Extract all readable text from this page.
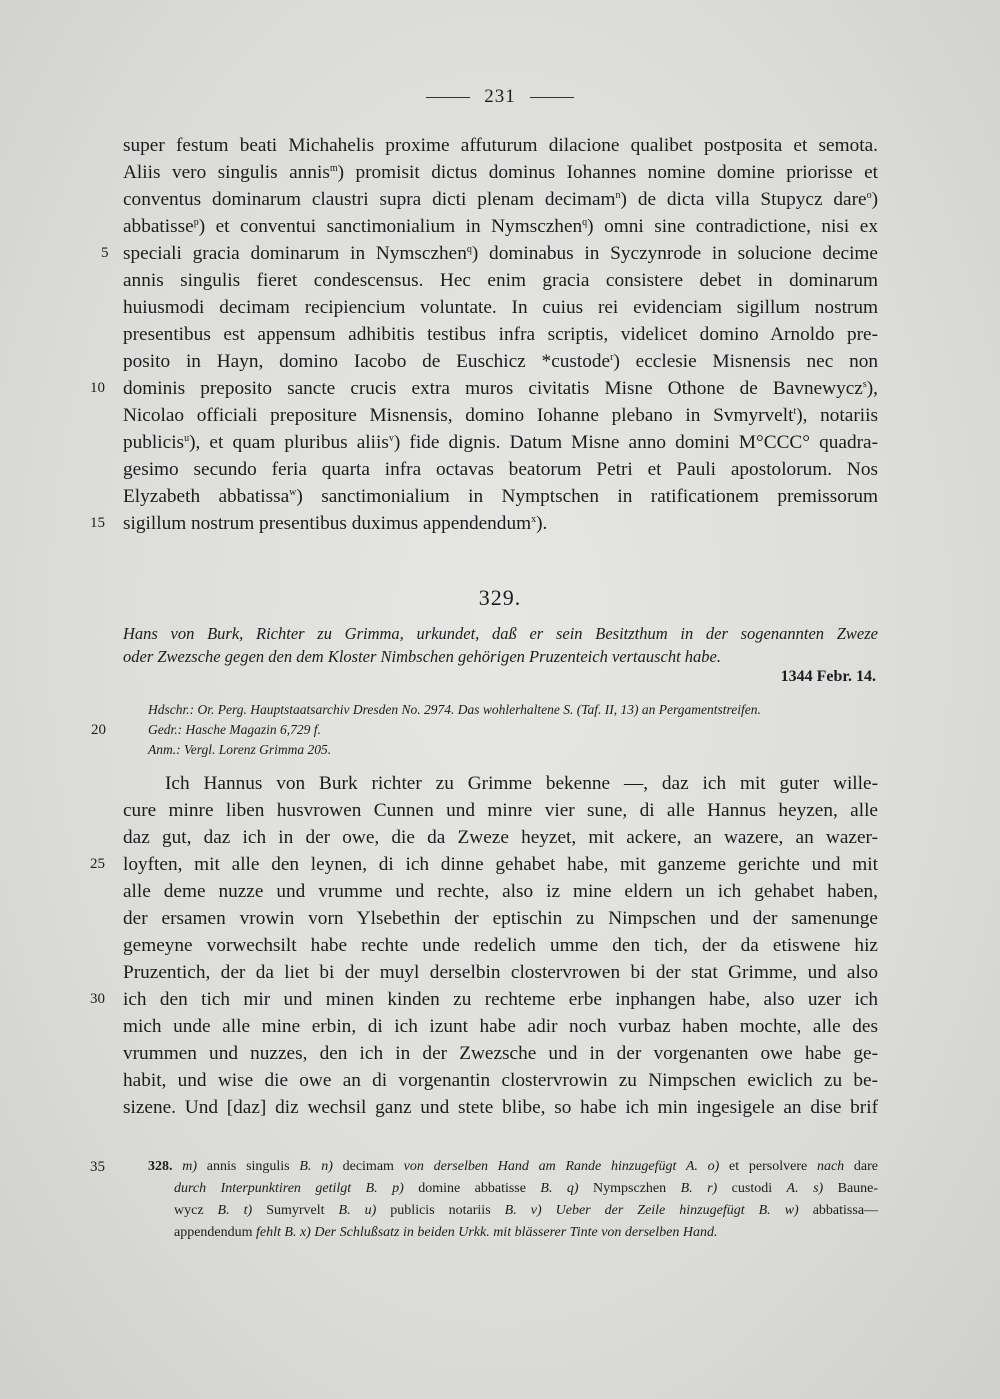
231
super festum beati Michahelis proxime affuturum dilacione qualibet postposita et semota.
Aliis vero singulis annis$^m$) promisit dictus dominus Iohannes nomine domine priorisse et
conventus dominarum claustri supra dicti plenam decimam$^n$) de dicta villa Stupycz dare$^o$)
abbatisse$^p$) et conventui sanctimonialium in Nymsczhen$^q$) omni sine contradictione, nisi ex
5 speciali gracia dominarum in Nymsczhen$^q$) dominabus in Syczynrode in solucione decime
annis singulis fieret condescensus. Hec enim gracia consistere debet in dominarum
huiusmodi decimam recipiencium voluntate. In cuius rei evidenciam sigillum nostrum
presentibus est appensum adhibitis testibus infra scriptis, videlicet domino Arnoldo pre-
posito in Hayn, domino Iacobo de Euschicz *custode$^r$) ecclesie Misnensis nec non
10 dominis preposito sancte crucis extra muros civitatis Misne Othone de Bavnewycz$^s$),
Nicolao officiali prepositure Misnensis, domino Iohanne plebano in Svmyrvelt$^t$), notariis
publicis$^u$), et quam pluribus aliis$^v$) fide dignis. Datum Misne anno domini M°CCC° quadra-
gesimo secundo feria quarta infra octavas beatorum Petri et Pauli apostolorum. Nos
Elyzabeth abbatissa$^w$) sanctimonialium in Nymptschen in ratificationem premissorum
15 sigillum nostrum presentibus duximus appendendum$^x$).
329.
Hans von Burk, Richter zu Grimma, urkundet, daß er sein Besitzthum in der sogenannten Zweze
oder Zwezsche gegen den dem Kloster Nimbschen gehörigen Pruzenteich vertauscht habe.
1344 Febr. 14.
Hdschr.: Or. Perg. Hauptstaatsarchiv Dresden No. 2974. Das wohlerhaltene S. (Taf. II, 13) an Pergamentstreifen.
20	Gedr.: Hasche Magazin 6,729 f.
Anm.: Vergl. Lorenz Grimma 205.
Ich Hannus von Burk richter zu Grimme bekenne —, daz ich mit guter wille-
cure minre liben husvrowen Cunnen und minre vier sune, di alle Hannus heyzen, alle
daz gut, daz ich in der owe, die da Zweze heyzet, mit ackere, an wazere, an wazer-
25 loyften, mit alle den leynen, di ich dinne gehabet habe, mit ganzeme gerichte und mit
alle deme nuzze und vrumme und rechte, also iz mine eldern un ich gehabet haben,
der ersamen vrowin vorn Ylsebethin der eptischin zu Nimpschen und der samenunge
gemeyne vorwechsilt habe rechte unde redelich umme den tich, der da etiswene hiz
Pruzentich, der da liet bi der muyl derselbin clostervrowen bi der stat Grimme, und also
30 ich den tich mir und minen kinden zu rechteme erbe inphangen habe, also uzer ich
mich unde alle mine erbin, di ich izunt habe adir noch vurbaz haben mochte, alle des
vrummen und nuzzes, den ich in der Zwezsche und in der vorgenanten owe habe ge-
habit, und wise die owe an di vorgenantin clostervrowin zu Nimpschen ewiclich zu be-
sizene. Und [daz] diz wechsil ganz und stete blibe, so habe ich min ingesigele an dise brif
35	328. m) annis singulis B. n) decimam von derselben Hand am Rande hinzugefügt A. o) et persolvere nach dare
durch Interpunktiren getilgt B. p) domine abbatisse B. q) Nympsczhen B. r) custodi A. s) Baune-
wycz B. t) Sumyrvelt B. u) publicis notariis B. v) Ueber der Zeile hinzugefügt B. w) abbatissa—
appendendum fehlt B. x) Der Schlußsatz in beiden Urkk. mit blässerer Tinte von derselben Hand.
